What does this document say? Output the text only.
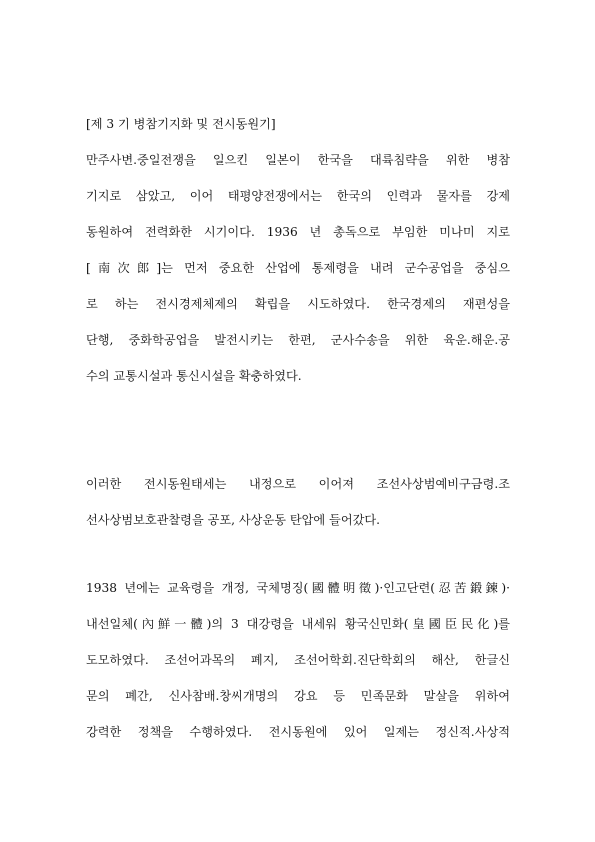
[제 3 기 병참기지화 및 전시동원기]
만주사변.중일전쟁을 일으킨 일본이 한국을 대륙침략을 위한 병참
기지로 삼았고, 이어 태평양전쟁에서는 한국의 인력과 물자를 강제
동원하여 전력화한 시기이다. 1936 년 총독으로 부임한 미나미 지로
[南次郎]는 먼저 중요한 산업에 통제령을 내려 군수공업을 중심으
로 하는 전시경제체제의 확립을 시도하였다. 한국경제의 재편성을
단행, 중화학공업을 발전시키는 한편, 군사수송을 위한 육운.해운.공
수의 교통시설과 통신시설을 확충하였다.
이러한 전시동원태세는 내정으로 이어져 조선사상범예비구금령.조
선사상범보호관찰령을 공포, 사상운동 탄압에 들어갔다.
1938 년에는 교육령을 개정, 국체명징(國體明徵)·인고단련(忍苦鍛鍊)·
내선일체(內鮮一體)의 3 대강령을 내세워 황국신민화(皇國臣民化)를
도모하였다. 조선어과목의 폐지, 조선어학회.진단학회의 해산, 한글신
문의 폐간, 신사참배.창씨개명의 강요 등 민족문화 말살을 위하여
강력한 정책을 수행하였다. 전시동원에 있어 일제는 정신적.사상적
